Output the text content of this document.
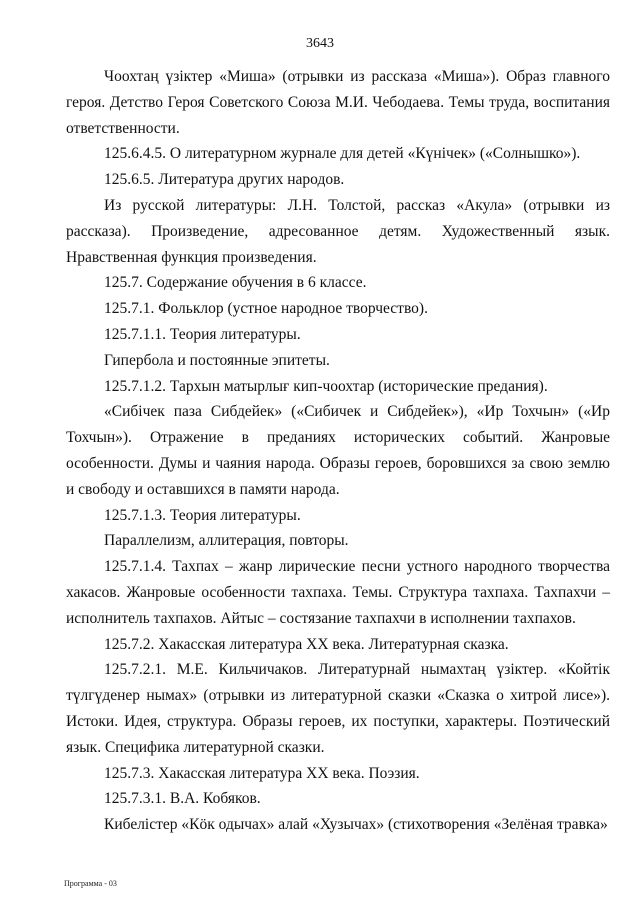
3643

Чоохтаң үзіктер «Миша» (отрывки из рассказа «Миша»). Образ главного героя. Детство Героя Советского Союза М.И. Чебодаева. Темы труда, воспитания ответственности.

125.6.4.5. О литературном журнале для детей «Күнічек» («Солнышко»).

125.6.5. Литература других народов.

Из русской литературы: Л.Н. Толстой, рассказ «Акула» (отрывки из рассказа). Произведение, адресованное детям. Художественный язык. Нравственная функция произведения.

125.7. Содержание обучения в 6 классе.

125.7.1. Фольклор (устное народное творчество).

125.7.1.1. Теория литературы.

Гипербола и постоянные эпитеты.

125.7.1.2. Тархын матырлығ кип-чоохтар (исторические предания).

«Сибічек паза Сибдейек» («Сибичек и Сибдейек»), «Ир Тохчын» («Ир Тохчын»). Отражение в преданиях исторических событий. Жанровые особенности. Думы и чаяния народа. Образы героев, боровшихся за свою землю и свободу и оставшихся в памяти народа.

125.7.1.3. Теория литературы.

Параллелизм, аллитерация, повторы.

125.7.1.4. Тахпах – жанр лирические песни устного народного творчества хакасов. Жанровые особенности тахпаха. Темы. Структура тахпаха. Тахпахчи – исполнитель тахпахов. Айтыс – состязание тахпахчи в исполнении тахпахов.

125.7.2. Хакасская литература XX века. Литературная сказка.

125.7.2.1. М.Е. Кильчичаков. Литературнай нымахтаң үзіктер. «Койтік түлгүденер нымах» (отрывки из литературной сказки «Сказка о хитрой лисе»). Истоки. Идея, структура. Образы героев, их поступки, характеры. Поэтический язык. Специфика литературной сказки.

125.7.3. Хакасская литература XX века. Поэзия.

125.7.3.1. В.А. Кобяков.

Кибелістер «Кӧк одычах» алай «Хузычах» (стихотворения «Зелёная травка»

Программа - 03
